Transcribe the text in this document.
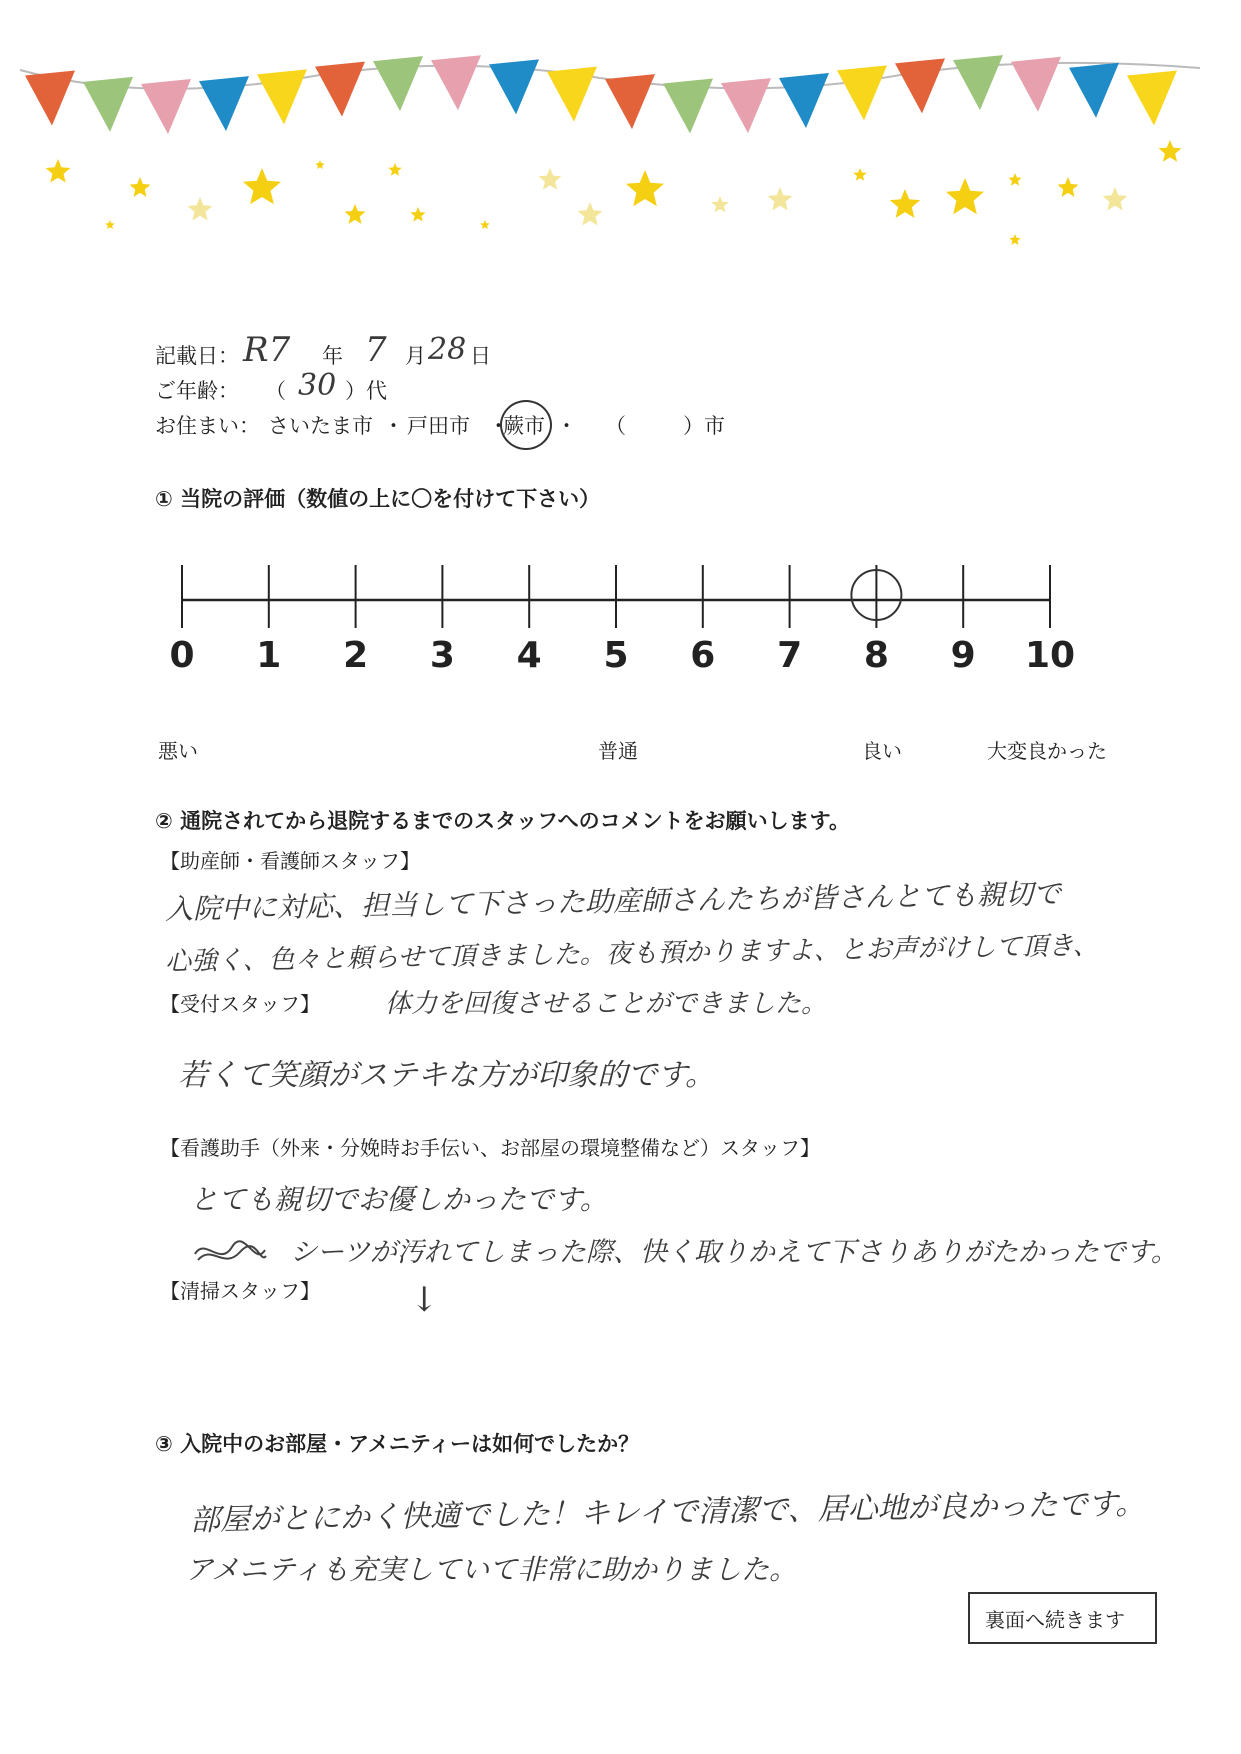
記載日： R7 年 7 月 28 日
ご年齢： （ 30 ）代
お住まい： さいたま市 ・ 戸田市 ・
蕨市 ・ （	）市
① 当院の評価（数値の上に〇を付けて下さい）
0 1 2 3 4 5 6 7 8 9 10
悪い	普通	良い	大変良かった
② 通院されてから退院するまでのスタッフへのコメントをお願いします。
【助産師・看護師スタッフ】
入院中に対応、担当して下さった助産師さんたちが皆さんとても親切で
心強く、色々と頼らせて頂きました。夜も預かりますよ、とお声がけして頂き、
【受付スタッフ】	体力を回復させることができました。
若くて笑顔がステキな方が印象的です。
【看護助手（外来・分娩時お手伝い、お部屋の環境整備など）スタッフ】
とても親切でお優しかったです。
シーツが汚れてしまった際、快く取りかえて下さりありがたかったです。
【清掃スタッフ】	↓
③ 入院中のお部屋・アメニティーは如何でしたか？
部屋がとにかく快適でした！キレイで清潔で、居心地が良かったです。
アメニティも充実していて非常に助かりました。
裏面へ続きます
